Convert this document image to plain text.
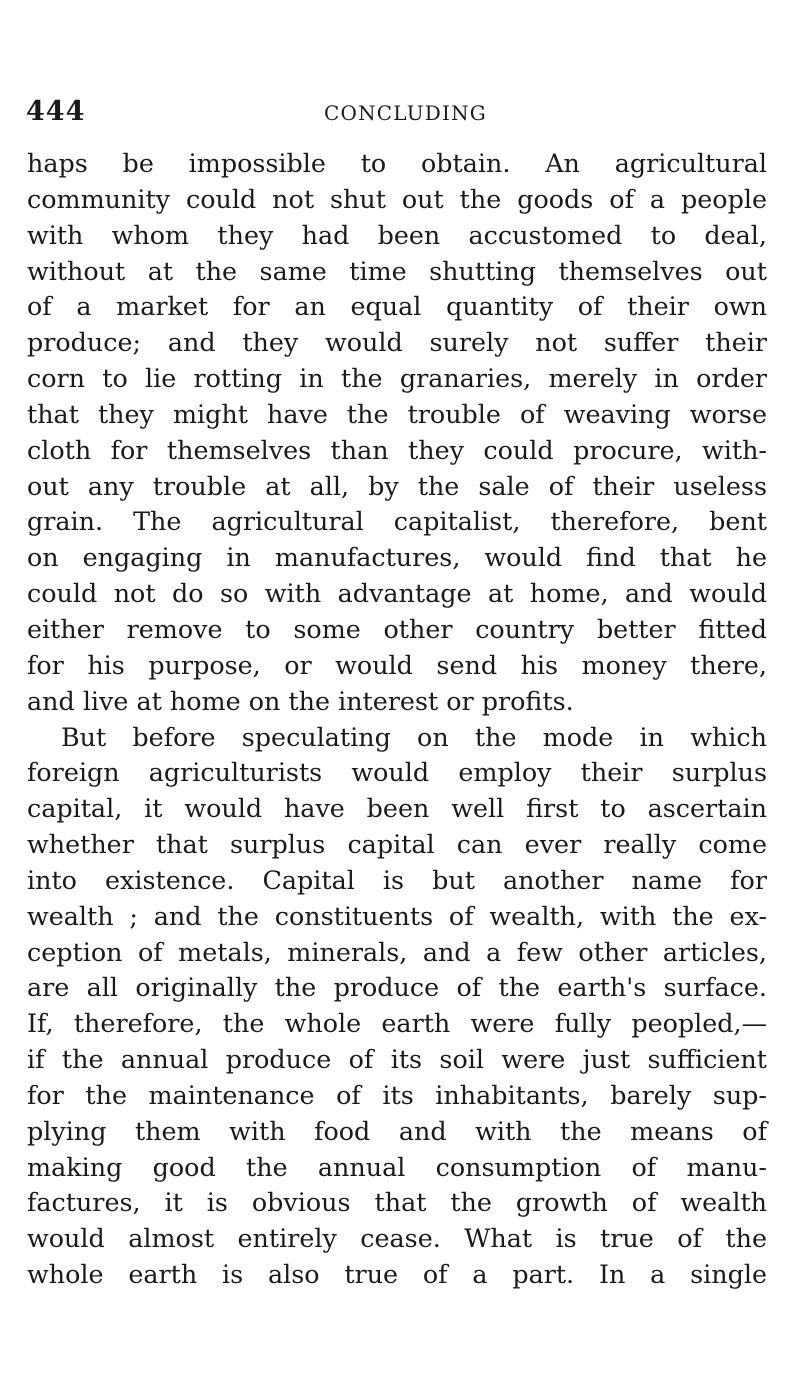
444	CONCLUDING
haps be impossible to obtain. An agricultural
community could not shut out the goods of a people
with whom they had been accustomed to deal,
without at the same time shutting themselves out
of a market for an equal quantity of their own
produce; and they would surely not suffer their
corn to lie rotting in the granaries, merely in order
that they might have the trouble of weaving worse
cloth for themselves than they could procure, with-
out any trouble at all, by the sale of their useless
grain. The agricultural capitalist, therefore, bent
on engaging in manufactures, would find that he
could not do so with advantage at home, and would
either remove to some other country better fitted
for his purpose, or would send his money there,
and live at home on the interest or profits.
But before speculating on the mode in which
foreign agriculturists would employ their surplus
capital, it would have been well first to ascertain
whether that surplus capital can ever really come
into existence. Capital is but another name for
wealth ; and the constituents of wealth, with the ex-
ception of metals, minerals, and a few other articles,
are all originally the produce of the earth's surface.
If, therefore, the whole earth were fully peopled,—
if the annual produce of its soil were just sufficient
for the maintenance of its inhabitants, barely sup-
plying them with food and with the means of
making good the annual consumption of manu-
factures, it is obvious that the growth of wealth
would almost entirely cease. What is true of the
whole earth is also true of a part. In a single
